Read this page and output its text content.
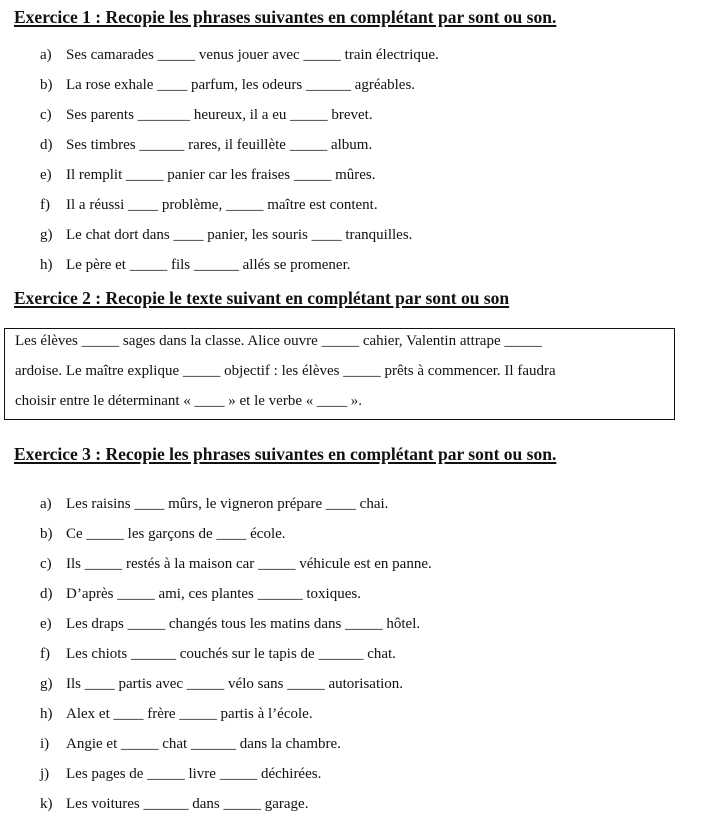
Exercice 1 : Recopie les phrases suivantes en complétant par sont ou son.
a) Ses camarades _____ venus jouer avec _____ train électrique.
b) La rose exhale ____ parfum, les odeurs ______ agréables.
c) Ses parents _______ heureux, il a eu _____ brevet.
d) Ses timbres ______ rares, il feuillète _____ album.
e) Il remplit _____ panier car les fraises _____ mûres.
f) Il a réussi ____ problème, _____ maître est content.
g) Le chat dort dans ____ panier, les souris ____ tranquilles.
h) Le père et _____ fils ______ allés se promener.
Exercice 2 : Recopie le texte suivant en complétant par sont ou son
Les élèves _____ sages dans la classe. Alice ouvre _____ cahier, Valentin attrape _____
ardoise. Le maître explique _____ objectif : les élèves _____ prêts à commencer. Il faudra
choisir entre le déterminant « ____ » et le verbe « ____ ».
Exercice 3 : Recopie les phrases suivantes en complétant par sont ou son.
a) Les raisins ____ mûrs, le vigneron prépare ____ chai.
b) Ce _____ les garçons de ____ école.
c) Ils _____ restés à la maison car _____ véhicule est en panne.
d) D’après _____ ami, ces plantes ______ toxiques.
e) Les draps _____ changés tous les matins dans _____ hôtel.
f) Les chiots ______ couchés sur le tapis de ______ chat.
g) Ils ____ partis avec _____ vélo sans _____ autorisation.
h) Alex et ____ frère _____ partis à l’école.
i) Angie et _____ chat ______ dans la chambre.
j) Les pages de _____ livre _____ déchirées.
k) Les voitures ______ dans _____ garage.
